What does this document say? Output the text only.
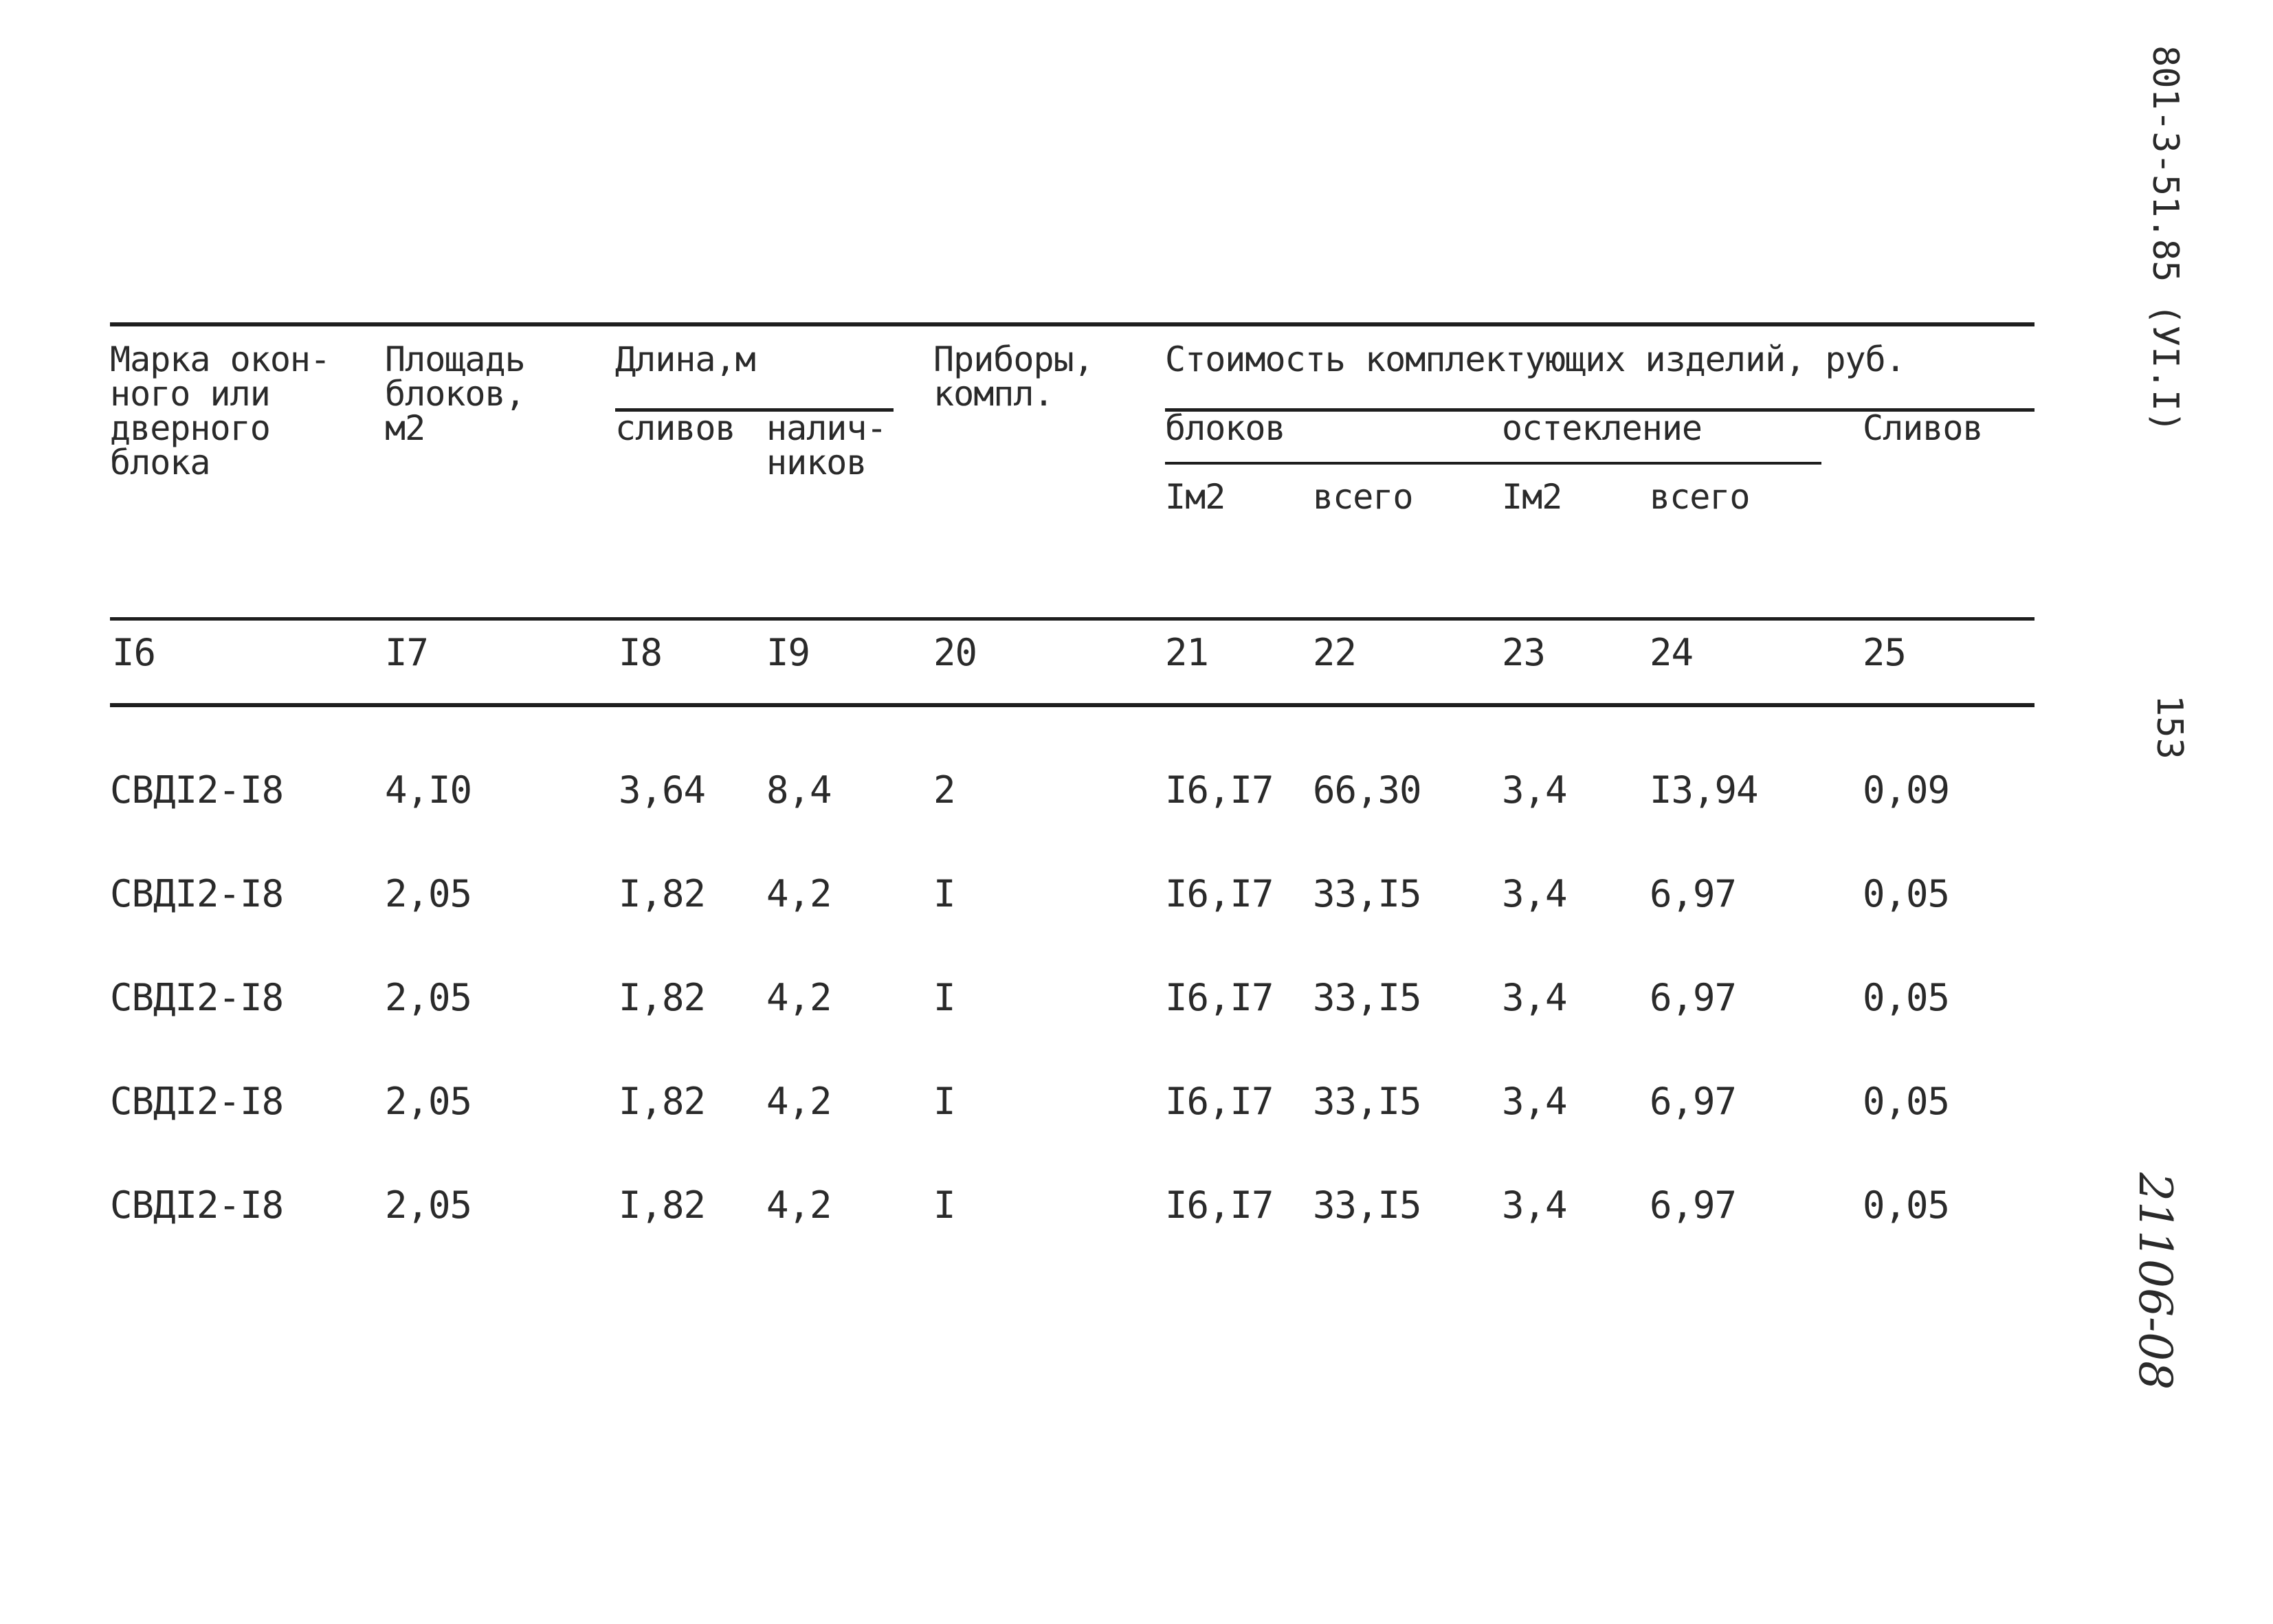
801-3-51.85 (УI.I)
153
21106-08
Марка окон-
ного или
дверного
блока
Площадь
блоков,
м2
Длина,м
сливов налич-
ников
Приборы,
компл.
Стоимость комплектующих изделий, руб.
блоков	остекление	Сливов
Iм2	всего	Iм2	всего
I6	I7	I8	I9	20	21	22	23	24	25
СВДI2-I8	4,I0	3,64 8,4	2	I6,I7 66,30 3,4 I3,94	0,09
СВДI2-I8	2,05	I,82 4,2	I	I6,I7 33,I5 3,4 6,97	0,05
СВДI2-I8	2,05	I,82 4,2	I	I6,I7 33,I5 3,4 6,97	0,05
СВДI2-I8	2,05	I,82 4,2	I	I6,I7 33,I5 3,4 6,97	0,05
СВДI2-I8	2,05	I,82 4,2	I	I6,I7 33,I5 3,4 6,97	0,05
